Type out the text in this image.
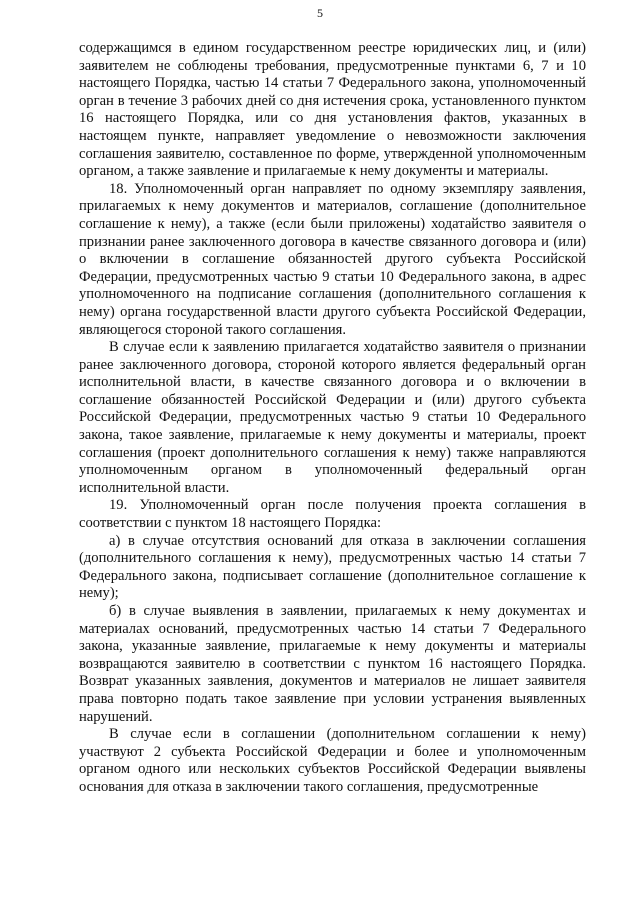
5

содержащимся в едином государственном реестре юридических лиц, и (или) заявителем не соблюдены требования, предусмотренные пунктами 6, 7 и 10 настоящего Порядка, частью 14 статьи 7 Федерального закона, уполномоченный орган в течение 3 рабочих дней со дня истечения срока, установленного пунктом 16 настоящего Порядка, или со дня установления фактов, указанных в настоящем пункте, направляет уведомление о невозможности заключения соглашения заявителю, составленное по форме, утвержденной уполномоченным органом, а также заявление и прилагаемые к нему документы и материалы.

18. Уполномоченный орган направляет по одному экземпляру заявления, прилагаемых к нему документов и материалов, соглашение (дополнительное соглашение к нему), а также (если были приложены) ходатайство заявителя о признании ранее заключенного договора в качестве связанного договора и (или) о включении в соглашение обязанностей другого субъекта Российской Федерации, предусмотренных частью 9 статьи 10 Федерального закона, в адрес уполномоченного на подписание соглашения (дополнительного соглашения к нему) органа государственной власти другого субъекта Российской Федерации, являющегося стороной такого соглашения.

В случае если к заявлению прилагается ходатайство заявителя о признании ранее заключенного договора, стороной которого является федеральный орган исполнительной власти, в качестве связанного договора и о включении в соглашение обязанностей Российской Федерации и (или) другого субъекта Российской Федерации, предусмотренных частью 9 статьи 10 Федерального закона, такое заявление, прилагаемые к нему документы и материалы, проект соглашения (проект дополнительного соглашения к нему) также направляются уполномоченным органом в уполномоченный федеральный орган исполнительной власти.

19. Уполномоченный орган после получения проекта соглашения в соответствии с пунктом 18 настоящего Порядка:

а) в случае отсутствия оснований для отказа в заключении соглашения (дополнительного соглашения к нему), предусмотренных частью 14 статьи 7 Федерального закона, подписывает соглашение (дополнительное соглашение к нему);

б) в случае выявления в заявлении, прилагаемых к нему документах и материалах оснований, предусмотренных частью 14 статьи 7 Федерального закона, указанные заявление, прилагаемые к нему документы и материалы возвращаются заявителю в соответствии с пунктом 16 настоящего Порядка. Возврат указанных заявления, документов и материалов не лишает заявителя права повторно подать такое заявление при условии устранения выявленных нарушений.

В случае если в соглашении (дополнительном соглашении к нему) участвуют 2 субъекта Российской Федерации и более и уполномоченным органом одного или нескольких субъектов Российской Федерации выявлены основания для отказа в заключении такого соглашения, предусмотренные
